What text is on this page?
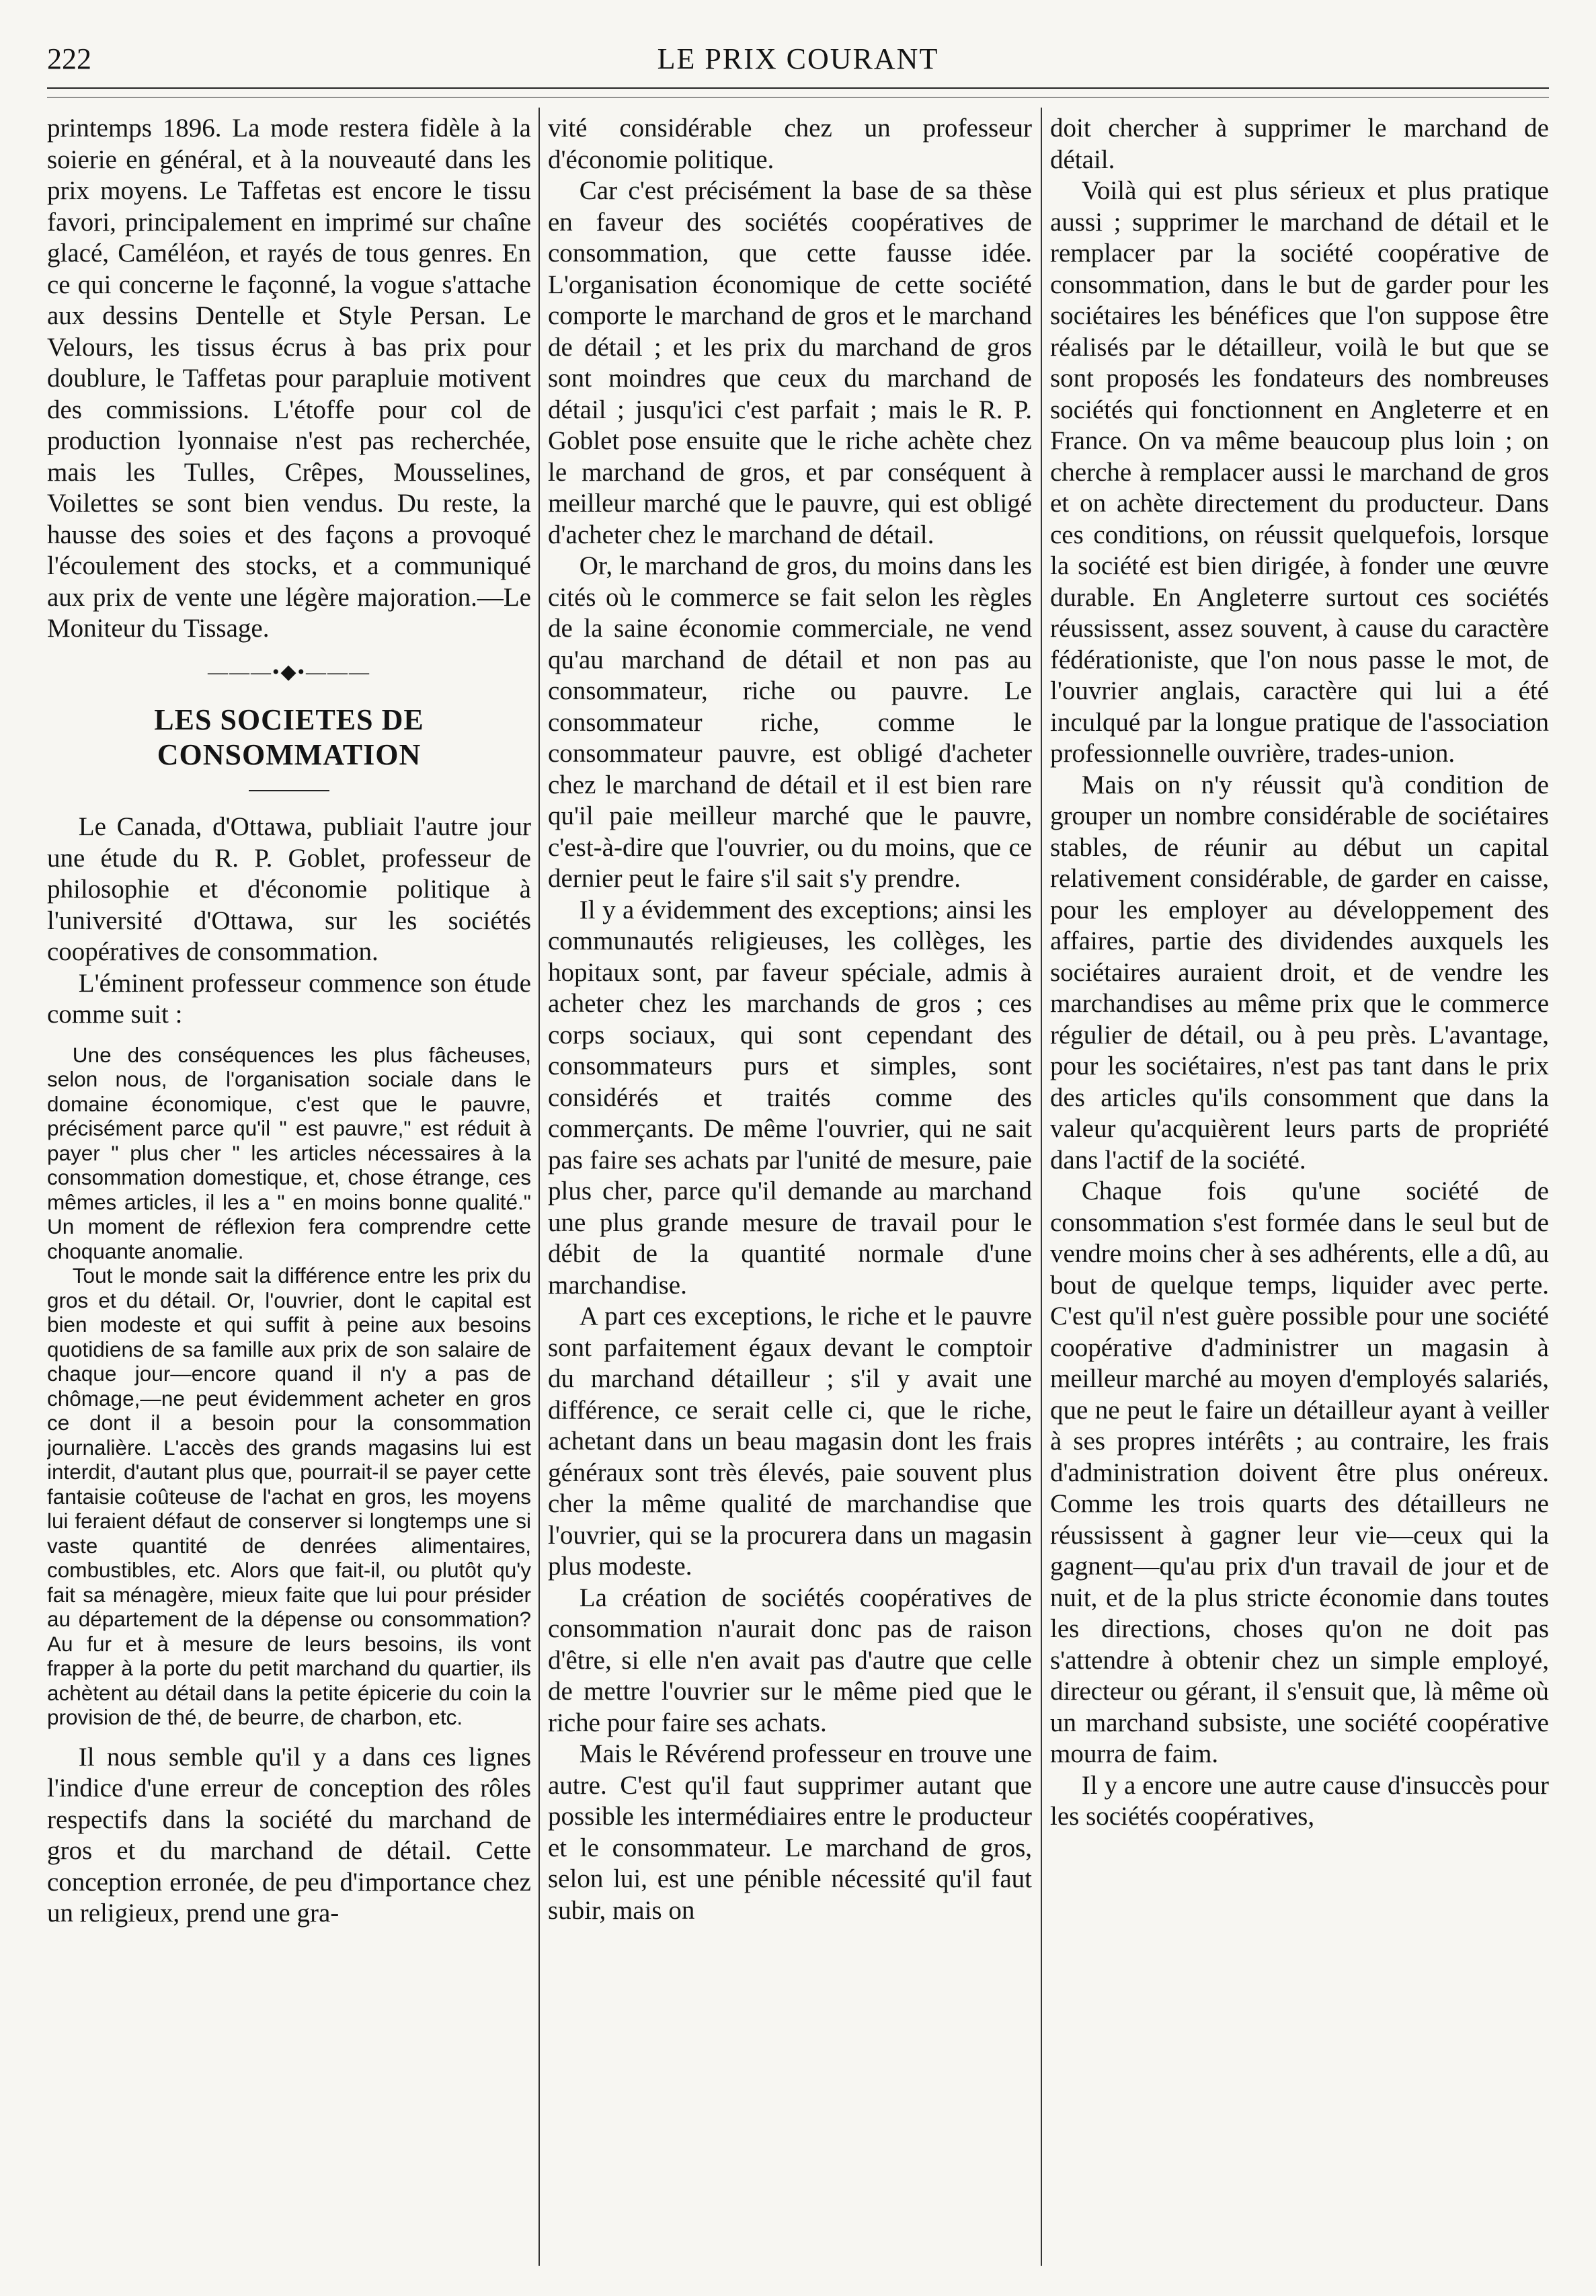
222	LE PRIX COURANT

printemps 1896. La mode restera fidèle à la soierie en général, et à la nouveauté dans les prix moyens. Le Taffetas est encore le tissu favori, principalement en imprimé sur chaîne glacé, Caméléon, et rayés de tous genres. En ce qui concerne le façonné, la vogue s'attache aux dessins Dentelle et Style Persan. Le Velours, les tissus écrus à bas prix pour doublure, le Taffetas pour parapluie motivent des commissions. L'étoffe pour col de production lyonnaise n'est pas recherchée, mais les Tulles, Crêpes, Mousselines, Voilettes se sont bien vendus. Du reste, la hausse des soies et des façons a provoqué l'écoulement des stocks, et a communiqué aux prix de vente une légère majoration.—Le Moniteur du Tissage.

———•◆•———
LES SOCIETES DE CONSOMMATION

Le Canada, d'Ottawa, publiait l'autre jour une étude du R. P. Goblet, professeur de philosophie et d'économie politique à l'université d'Ottawa, sur les sociétés coopératives de consommation.

L'éminent professeur commence son étude comme suit :

Une des conséquences les plus fâcheuses, selon nous, de l'organisation sociale dans le domaine économique, c'est que le pauvre, précisément parce qu'il " est pauvre," est réduit à payer " plus cher " les articles nécessaires à la consommation domestique, et, chose étrange, ces mêmes articles, il les a " en moins bonne qualité." Un moment de réflexion fera comprendre cette choquante anomalie.

Tout le monde sait la différence entre les prix du gros et du détail. Or, l'ouvrier, dont le capital est bien modeste et qui suffit à peine aux besoins quotidiens de sa famille aux prix de son salaire de chaque jour—encore quand il n'y a pas de chômage,—ne peut évidemment acheter en gros ce dont il a besoin pour la consommation journalière. L'accès des grands magasins lui est interdit, d'autant plus que, pourrait-il se payer cette fantaisie coûteuse de l'achat en gros, les moyens lui feraient défaut de conserver si longtemps une si vaste quantité de denrées alimentaires, combustibles, etc. Alors que fait-il, ou plutôt qu'y fait sa ménagère, mieux faite que lui pour présider au département de la dépense ou consommation? Au fur et à mesure de leurs besoins, ils vont frapper à la porte du petit marchand du quartier, ils achètent au détail dans la petite épicerie du coin la provision de thé, de beurre, de charbon, etc.

Il nous semble qu'il y a dans ces lignes l'indice d'une erreur de conception des rôles respectifs dans la société du marchand de gros et du marchand de détail. Cette conception erronée, de peu d'importance chez un religieux, prend une gra-

vité considérable chez un professeur d'économie politique.

Car c'est précisément la base de sa thèse en faveur des sociétés coopératives de consommation, que cette fausse idée. L'organisation économique de cette société comporte le marchand de gros et le marchand de détail ; et les prix du marchand de gros sont moindres que ceux du marchand de détail ; jusqu'ici c'est parfait ; mais le R. P. Goblet pose ensuite que le riche achète chez le marchand de gros, et par conséquent à meilleur marché que le pauvre, qui est obligé d'acheter chez le marchand de détail.

Or, le marchand de gros, du moins dans les cités où le commerce se fait selon les règles de la saine économie commerciale, ne vend qu'au marchand de détail et non pas au consommateur, riche ou pauvre. Le consommateur riche, comme le consommateur pauvre, est obligé d'acheter chez le marchand de détail et il est bien rare qu'il paie meilleur marché que le pauvre, c'est-à-dire que l'ouvrier, ou du moins, que ce dernier peut le faire s'il sait s'y prendre.

Il y a évidemment des exceptions; ainsi les communautés religieuses, les collèges, les hopitaux sont, par faveur spéciale, admis à acheter chez les marchands de gros ; ces corps sociaux, qui sont cependant des consommateurs purs et simples, sont considérés et traités comme des commerçants. De même l'ouvrier, qui ne sait pas faire ses achats par l'unité de mesure, paie plus cher, parce qu'il demande au marchand une plus grande mesure de travail pour le débit de la quantité normale d'une marchandise.

A part ces exceptions, le riche et le pauvre sont parfaitement égaux devant le comptoir du marchand détailleur ; s'il y avait une différence, ce serait celle ci, que le riche, achetant dans un beau magasin dont les frais généraux sont très élevés, paie souvent plus cher la même qualité de marchandise que l'ouvrier, qui se la procurera dans un magasin plus modeste.

La création de sociétés coopératives de consommation n'aurait donc pas de raison d'être, si elle n'en avait pas d'autre que celle de mettre l'ouvrier sur le même pied que le riche pour faire ses achats.

Mais le Révérend professeur en trouve une autre. C'est qu'il faut supprimer autant que possible les intermédiaires entre le producteur et le consommateur. Le marchand de gros, selon lui, est une pénible nécessité qu'il faut subir, mais on

doit chercher à supprimer le marchand de détail.

Voilà qui est plus sérieux et plus pratique aussi ; supprimer le marchand de détail et le remplacer par la société coopérative de consommation, dans le but de garder pour les sociétaires les bénéfices que l'on suppose être réalisés par le détailleur, voilà le but que se sont proposés les fondateurs des nombreuses sociétés qui fonctionnent en Angleterre et en France. On va même beaucoup plus loin ; on cherche à remplacer aussi le marchand de gros et on achète directement du producteur. Dans ces conditions, on réussit quelquefois, lorsque la société est bien dirigée, à fonder une œuvre durable. En Angleterre surtout ces sociétés réussissent, assez souvent, à cause du caractère fédérationiste, que l'on nous passe le mot, de l'ouvrier anglais, caractère qui lui a été inculqué par la longue pratique de l'association professionnelle ouvrière, trades-union.

Mais on n'y réussit qu'à condition de grouper un nombre considérable de sociétaires stables, de réunir au début un capital relativement considérable, de garder en caisse, pour les employer au développement des affaires, partie des dividendes auxquels les sociétaires auraient droit, et de vendre les marchandises au même prix que le commerce régulier de détail, ou à peu près. L'avantage, pour les sociétaires, n'est pas tant dans le prix des articles qu'ils consomment que dans la valeur qu'acquièrent leurs parts de propriété dans l'actif de la société.

Chaque fois qu'une société de consommation s'est formée dans le seul but de vendre moins cher à ses adhérents, elle a dû, au bout de quelque temps, liquider avec perte. C'est qu'il n'est guère possible pour une société coopérative d'administrer un magasin à meilleur marché au moyen d'employés salariés, que ne peut le faire un détailleur ayant à veiller à ses propres intérêts ; au contraire, les frais d'administration doivent être plus onéreux. Comme les trois quarts des détailleurs ne réussissent à gagner leur vie—ceux qui la gagnent—qu'au prix d'un travail de jour et de nuit, et de la plus stricte économie dans toutes les directions, choses qu'on ne doit pas s'attendre à obtenir chez un simple employé, directeur ou gérant, il s'ensuit que, là même où un marchand subsiste, une société coopérative mourra de faim.

Il y a encore une autre cause d'insuccès pour les sociétés coopératives,
